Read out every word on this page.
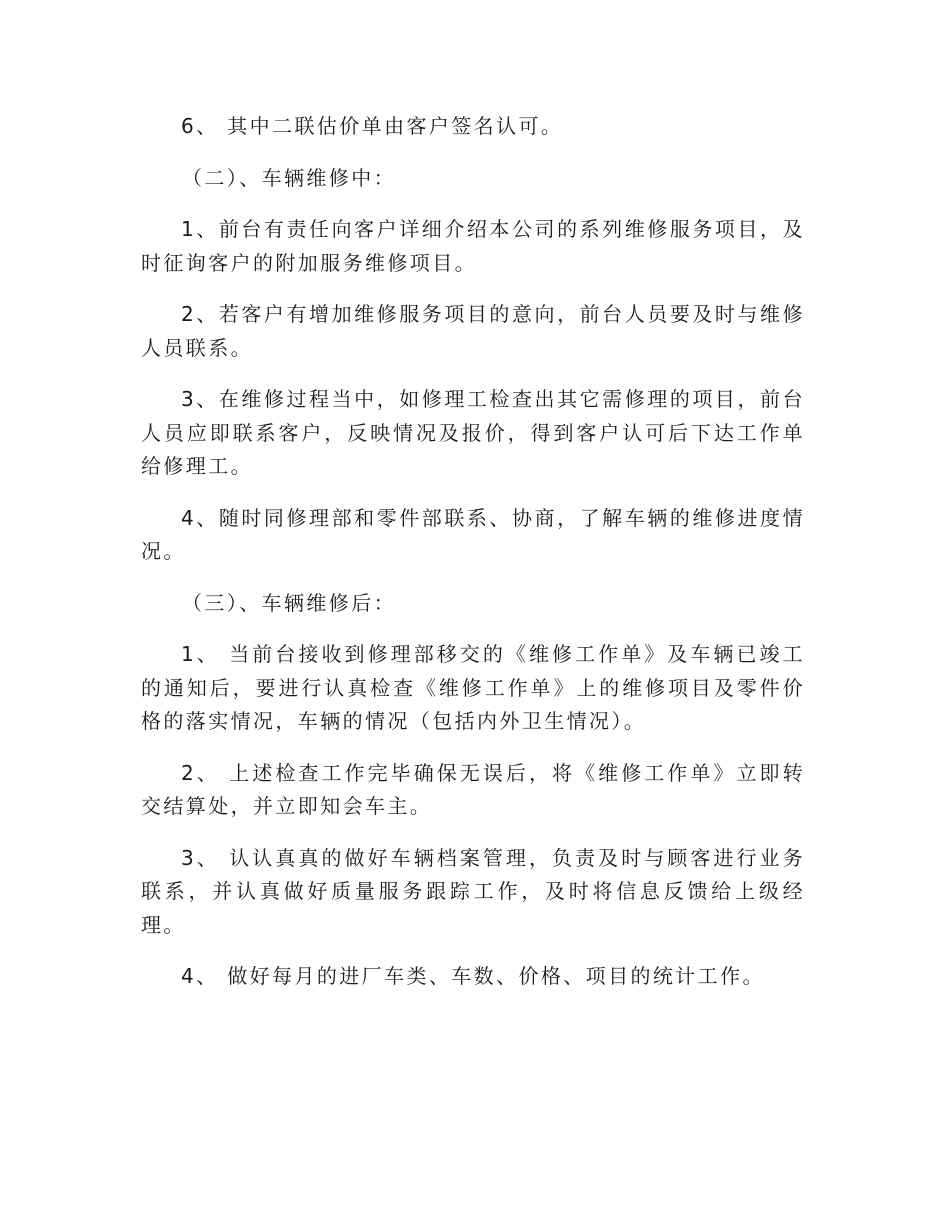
6、 其中二联估价单由客户签名认可。

（二）、车辆维修中：

1、前台有责任向客户详细介绍本公司的系列维修服务项目，及时征询客户的附加服务维修项目。

2、若客户有增加维修服务项目的意向，前台人员要及时与维修人员联系。

3、在维修过程当中，如修理工检查出其它需修理的项目，前台人员应即联系客户，反映情况及报价，得到客户认可后下达工作单给修理工。

4、随时同修理部和零件部联系、协商，了解车辆的维修进度情况。

（三）、车辆维修后：

1、 当前台接收到修理部移交的《维修工作单》及车辆已竣工的通知后，要进行认真检查《维修工作单》上的维修项目及零件价格的落实情况，车辆的情况（包括内外卫生情况）。

2、 上述检查工作完毕确保无误后，将《维修工作单》立即转交结算处，并立即知会车主。

3、 认认真真的做好车辆档案管理，负责及时与顾客进行业务联系，并认真做好质量服务跟踪工作，及时将信息反馈给上级经理。

4、 做好每月的进厂车类、车数、价格、项目的统计工作。
